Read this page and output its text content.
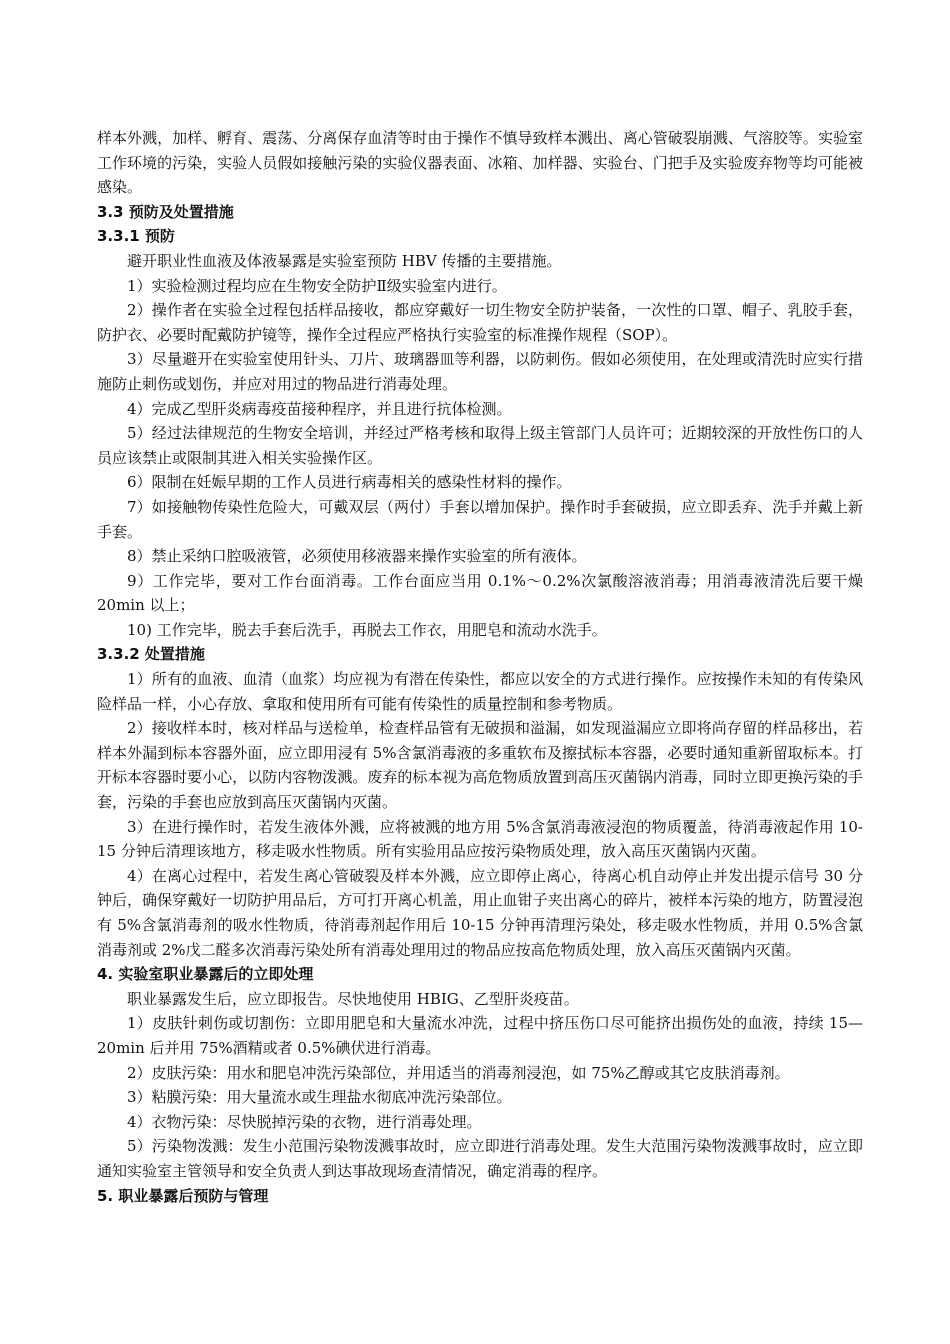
样本外溅，加样、孵育、震荡、分离保存血清等时由于操作不慎导致样本溅出、离心管破裂崩溅、气溶胶等。实验室工作环境的污染，实验人员假如接触污染的实验仪器表面、冰箱、加样器、实验台、门把手及实验废弃物等均可能被感染。

3.3 预防及处置措施

3.3.1 预防

避开职业性血液及体液暴露是实验室预防 HBV 传播的主要措施。

1）实验检测过程均应在生物安全防护Ⅱ级实验室内进行。

2）操作者在实验全过程包括样品接收，都应穿戴好一切生物安全防护装备，一次性的口罩、帽子、乳胶手套，防护衣、必要时配戴防护镜等，操作全过程应严格执行实验室的标准操作规程（SOP）。

3）尽量避开在实验室使用针头、刀片、玻璃器皿等利器，以防刺伤。假如必须使用，在处理或清洗时应实行措施防止刺伤或划伤，并应对用过的物品进行消毒处理。

4）完成乙型肝炎病毒疫苗接种程序，并且进行抗体检测。

5）经过法律规范的生物安全培训，并经过严格考核和取得上级主管部门人员许可；近期较深的开放性伤口的人员应该禁止或限制其进入相关实验操作区。

6）限制在妊娠早期的工作人员进行病毒相关的感染性材料的操作。

7）如接触物传染性危险大，可戴双层（两付）手套以增加保护。操作时手套破损，应立即丢弃、洗手并戴上新手套。

8）禁止采纳口腔吸液管，必须使用移液器来操作实验室的所有液体。

9）工作完毕，要对工作台面消毒。工作台面应当用 0.1%～0.2%次氯酸溶液消毒；用消毒液清洗后要干燥 20min 以上；

10) 工作完毕，脱去手套后洗手，再脱去工作衣，用肥皂和流动水洗手。

3.3.2 处置措施

1）所有的血液、血清（血浆）均应视为有潜在传染性，都应以安全的方式进行操作。应按操作未知的有传染风险样品一样，小心存放、拿取和使用所有可能有传染性的质量控制和参考物质。

2）接收样本时，核对样品与送检单，检查样品管有无破损和溢漏，如发现溢漏应立即将尚存留的样品移出，若样本外漏到标本容器外面，应立即用浸有 5%含氯消毒液的多重软布及擦拭标本容器，必要时通知重新留取标本。打开标本容器时要小心，以防内容物泼溅。废弃的标本视为高危物质放置到高压灭菌锅内消毒，同时立即更换污染的手套，污染的手套也应放到高压灭菌锅内灭菌。

3）在进行操作时，若发生液体外溅，应将被溅的地方用 5%含氯消毒液浸泡的物质覆盖，待消毒液起作用 10-15 分钟后清理该地方，移走吸水性物质。所有实验用品应按污染物质处理，放入高压灭菌锅内灭菌。

4）在离心过程中，若发生离心管破裂及样本外溅，应立即停止离心，待离心机自动停止并发出提示信号 30 分钟后，确保穿戴好一切防护用品后，方可打开离心机盖，用止血钳子夹出离心的碎片，被样本污染的地方，防置浸泡有 5%含氯消毒剂的吸水性物质，待消毒剂起作用后 10-15 分钟再清理污染处，移走吸水性物质，并用 0.5%含氯消毒剂或 2%戊二醛多次消毒污染处所有消毒处理用过的物品应按高危物质处理，放入高压灭菌锅内灭菌。

4. 实验室职业暴露后的立即处理

职业暴露发生后，应立即报告。尽快地使用 HBIG、乙型肝炎疫苗。

1）皮肤针刺伤或切割伤：立即用肥皂和大量流水冲洗，过程中挤压伤口尽可能挤出损伤处的血液，持续 15—20min 后并用 75%酒精或者 0.5%碘伏进行消毒。

2）皮肤污染：用水和肥皂冲洗污染部位，并用适当的消毒剂浸泡，如 75%乙醇或其它皮肤消毒剂。

3）粘膜污染：用大量流水或生理盐水彻底冲洗污染部位。

4）衣物污染：尽快脱掉污染的衣物，进行消毒处理。

5）污染物泼溅：发生小范围污染物泼溅事故时，应立即进行消毒处理。发生大范围污染物泼溅事故时，应立即通知实验室主管领导和安全负责人到达事故现场查清情况，确定消毒的程序。

5. 职业暴露后预防与管理
